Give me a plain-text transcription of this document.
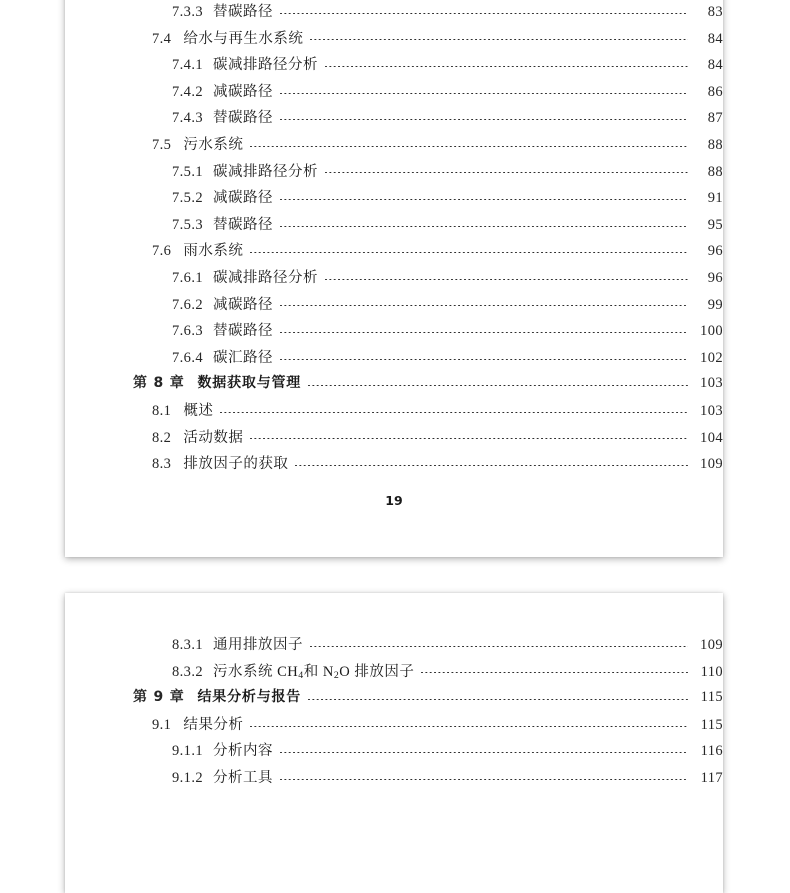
7.3.3 替碳路径	83
7.4 给水与再生水系统	84
7.4.1 碳减排路径分析	84
7.4.2 减碳路径	86
7.4.3 替碳路径	87
7.5 污水系统	88
7.5.1 碳减排路径分析	88
7.5.2 减碳路径	91
7.5.3 替碳路径	95
7.6 雨水系统	96
7.6.1 碳减排路径分析	96
7.6.2 减碳路径	99
7.6.3 替碳路径	100
7.6.4 碳汇路径	102
第 8 章 数据获取与管理	103
8.1 概述	103
8.2 活动数据	104
8.3 排放因子的获取	109
19
8.3.1 通用排放因子	109
8.3.2 污水系统 $CH_4$和 $N_2O$ 排放因子	110
第 9 章 结果分析与报告	115
9.1 结果分析	115
9.1.1 分析内容	116
9.1.2 分析工具	117
